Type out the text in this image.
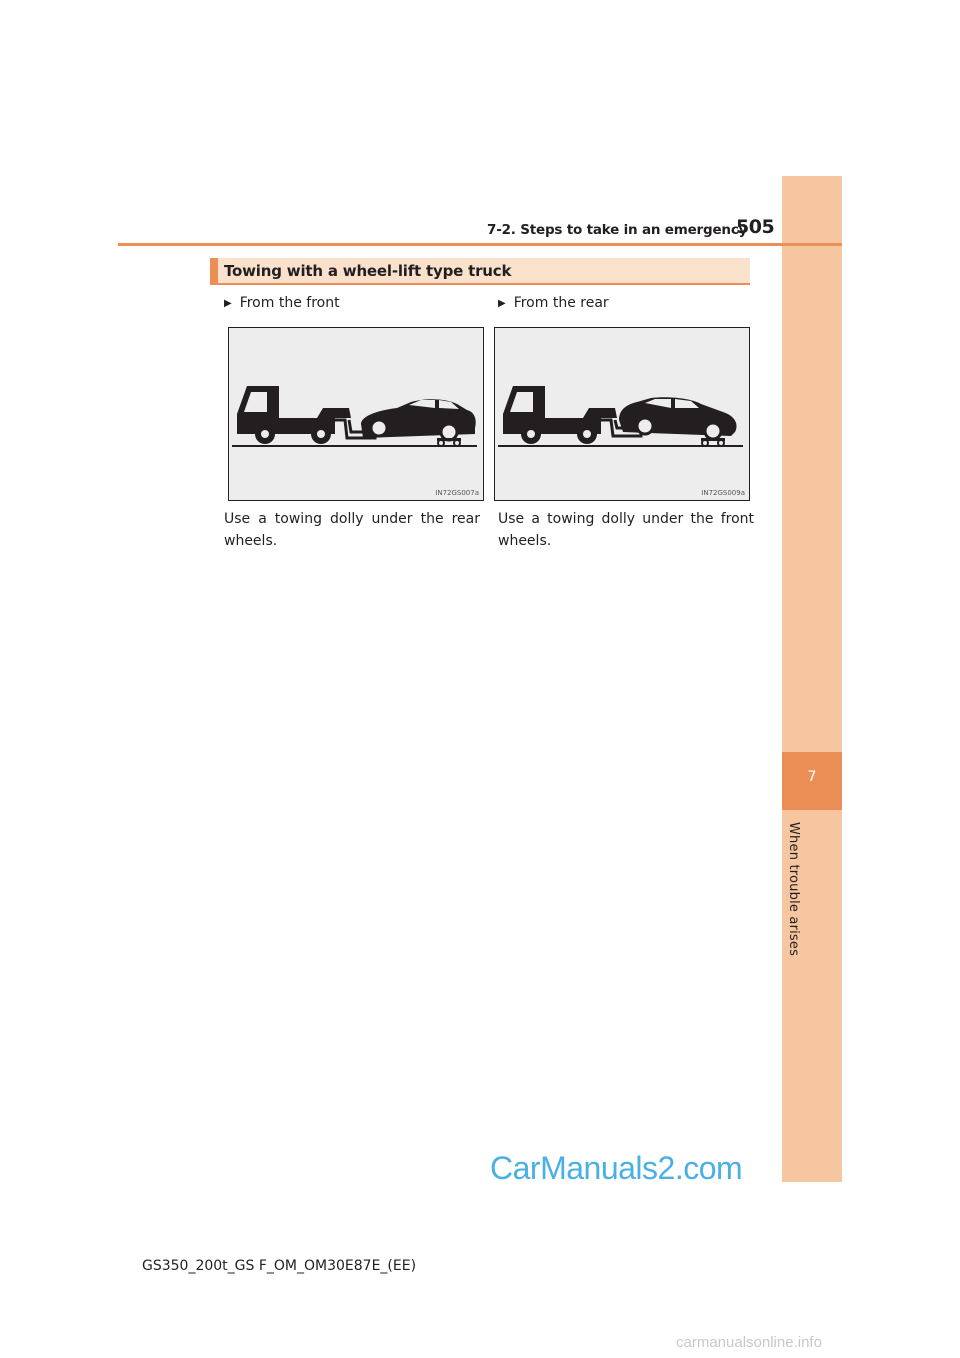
7
When trouble arises
7-2. Steps to take in an emergency
505
Towing with a wheel-lift type truck
▶ From the front
IN72GS007a
Use a towing dolly under the rear wheels.
▶ From the rear
IN72GS009a
Use a towing dolly under the front wheels.
CarManuals2.com
GS350_200t_GS F_OM_OM30E87E_(EE)
carmanualsonline.info
